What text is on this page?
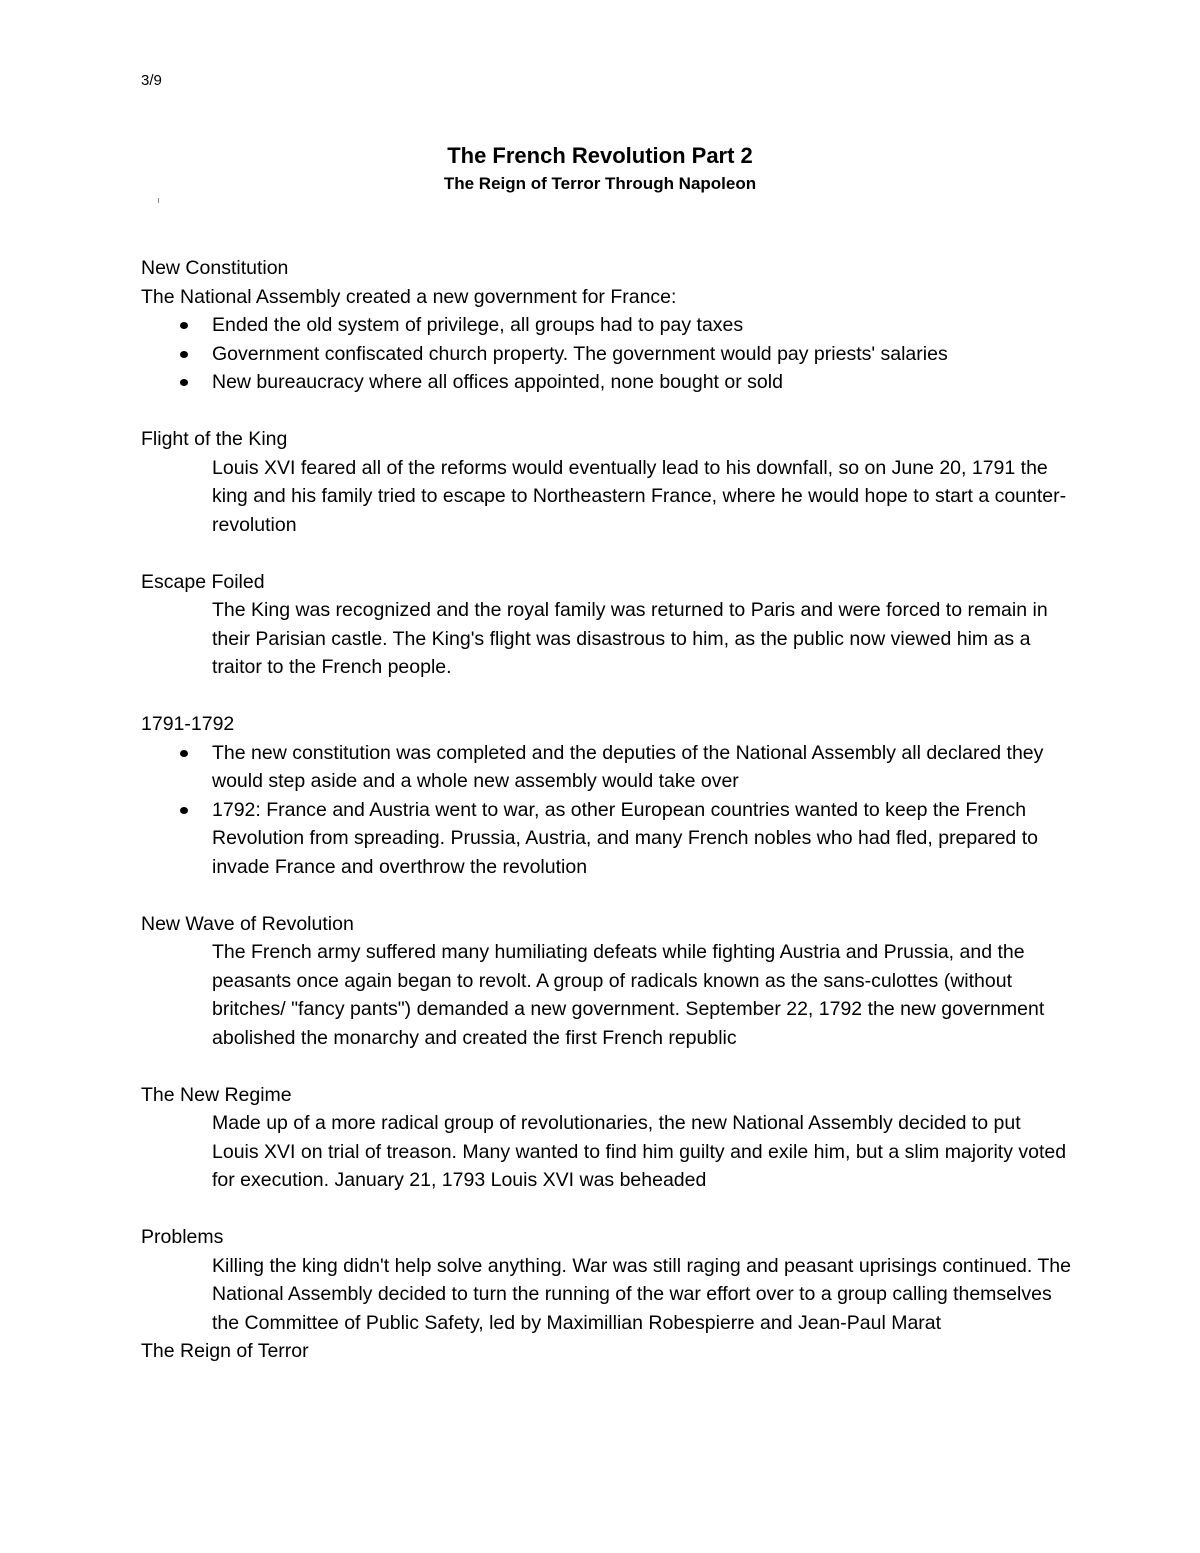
3/9
The French Revolution Part 2
The Reign of Terror Through Napoleon
New Constitution
The National Assembly created a new government for France:
Ended the old system of privilege, all groups had to pay taxes
Government confiscated church property. The government would pay priests' salaries
New bureaucracy where all offices appointed, none bought or sold
Flight of the King

Louis XVI feared all of the reforms would eventually lead to his downfall, so on June 20, 1791 the king and his family tried to escape to Northeastern France, where he would hope to start a counter-revolution

Escape Foiled

The King was recognized and the royal family was returned to Paris and were forced to remain in their Parisian castle. The King's flight was disastrous to him, as the public now viewed him as a traitor to the French people.

1791-1792
The new constitution was completed and the deputies of the National Assembly all declared they would step aside and a whole new assembly would take over
1792: France and Austria went to war, as other European countries wanted to keep the French Revolution from spreading. Prussia, Austria, and many French nobles who had fled, prepared to invade France and overthrow the revolution
New Wave of Revolution

The French army suffered many humiliating defeats while fighting Austria and Prussia, and the peasants once again began to revolt. A group of radicals known as the sans-culottes (without britches/ "fancy pants") demanded a new government. September 22, 1792 the new government abolished the monarchy and created the first French republic

The New Regime

Made up of a more radical group of revolutionaries, the new National Assembly decided to put Louis XVI on trial of treason. Many wanted to find him guilty and exile him, but a slim majority voted for execution. January 21, 1793 Louis XVI was beheaded

Problems

Killing the king didn't help solve anything. War was still raging and peasant uprisings continued. The National Assembly decided to turn the running of the war effort over to a group calling themselves the Committee of Public Safety, led by Maximillian Robespierre and Jean-Paul Marat

The Reign of Terror
